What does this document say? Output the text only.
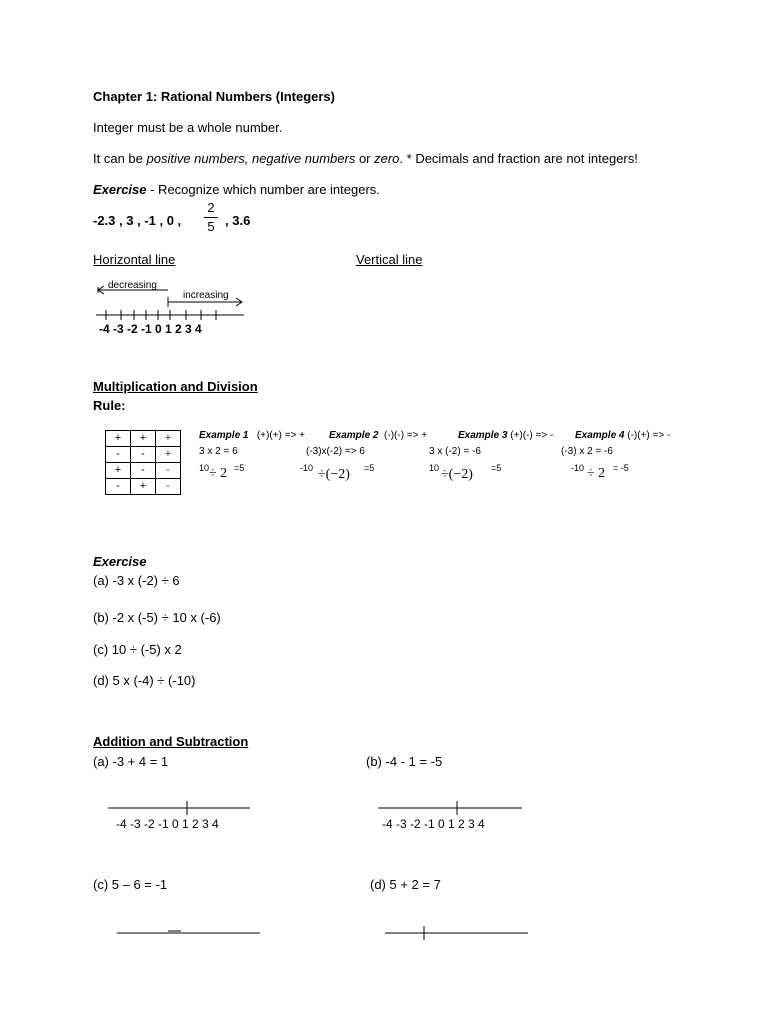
Chapter 1: Rational Numbers (Integers)
Integer must be a whole number.
It can be positive numbers, negative numbers or zero. * Decimals and fraction are not integers!
Exercise - Recognize which number are integers.
-2.3 , 3 , -1 , 0 ,
2
5 , 3.6
Horizontal line	Vertical line
decreasing
increasing
-4 -3 -2 -1 0 1 2 3 4
Multiplication and Division
Rule:
+	+	+
-	-	+
+	-	-
-	+	-
Example 1 (+)(+) => +
3 x 2 = 6
10 ÷ 2 =5
Example 2 (-)(-) => +
(-3)x(-2) => 6
-10 ÷(−2) =5
Example 3 (+)(-) => -
3 x (-2) = -6
10 ÷(−2) =5
Example 4 (-)(+) => -
(-3) x 2 = -6
-10 ÷ 2 = -5
Exercise
(a) -3 x (-2) ÷ 6
(b) -2 x (-5) ÷ 10 x (-6)
(c) 10 ÷ (-5) x 2
(d) 5 x (-4) ÷ (-10)
Addition and Subtraction
(a) -3 + 4 = 1	(b) -4 - 1 = -5
-4 -3 -2 -1 0 1 2 3 4	-4 -3 -2 -1 0 1 2 3 4
(c) 5 – 6 = -1	(d) 5 + 2 = 7
